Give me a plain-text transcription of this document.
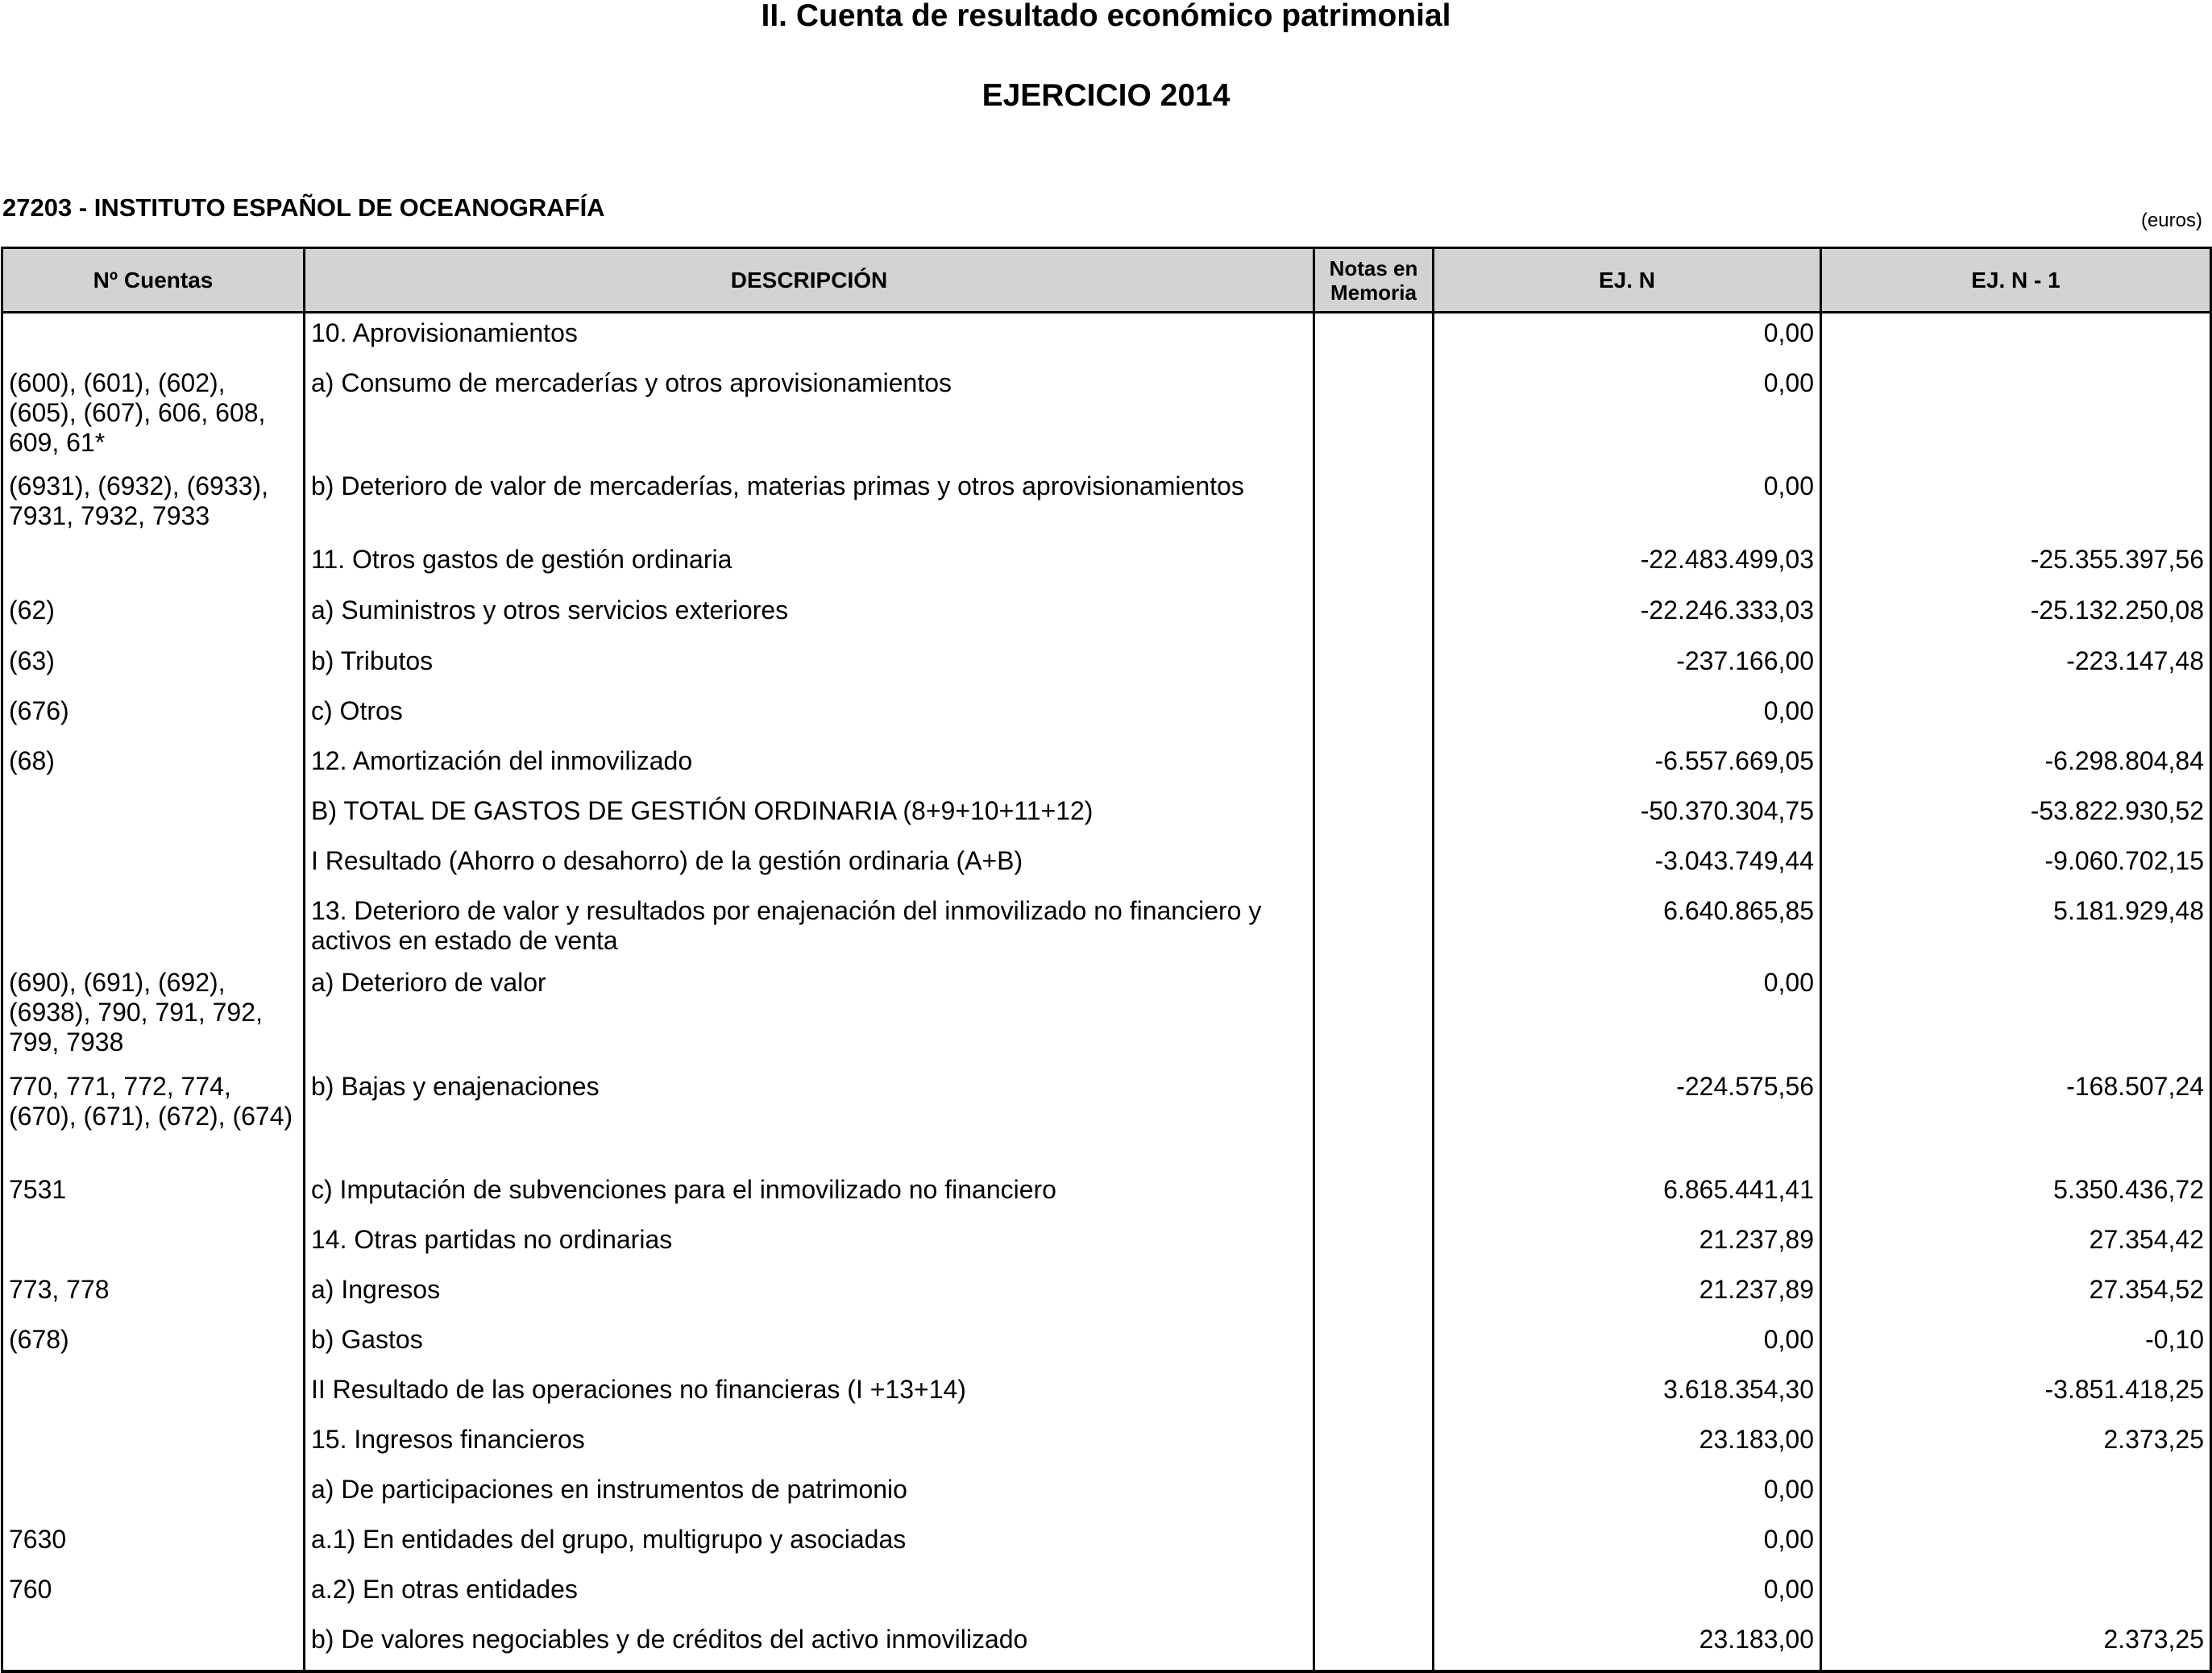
II. Cuenta de resultado económico patrimonial
EJERCICIO 2014
27203 - INSTITUTO ESPAÑOL DE OCEANOGRAFÍA	(euros)
Nº Cuentas	DESCRIPCIÓN	Notas en Memoria	EJ. N	EJ. N - 1
	10. Aprovisionamientos		0,00	
(600), (601), (602), (605), (607), 606, 608, 609, 61*	a) Consumo de mercaderías y otros aprovisionamientos		0,00	
(6931), (6932), (6933), 7931, 7932, 7933	b) Deterioro de valor de mercaderías, materias primas y otros aprovisionamientos		0,00	
	11. Otros gastos de gestión ordinaria		-22.483.499,03	-25.355.397,56
(62)	a) Suministros y otros servicios exteriores		-22.246.333,03	-25.132.250,08
(63)	b) Tributos		-237.166,00	-223.147,48
(676)	c) Otros		0,00	
(68)	12. Amortización del inmovilizado		-6.557.669,05	-6.298.804,84
	B) TOTAL DE GASTOS DE GESTIÓN ORDINARIA (8+9+10+11+12)		-50.370.304,75	-53.822.930,52
	I Resultado (Ahorro o desahorro) de la gestión ordinaria (A+B)		-3.043.749,44	-9.060.702,15
	13. Deterioro de valor y resultados por enajenación del inmovilizado no financiero y activos en estado de venta		6.640.865,85	5.181.929,48
(690), (691), (692), (6938), 790, 791, 792, 799, 7938	a) Deterioro de valor		0,00	
770, 771, 772, 774, (670), (671), (672), (674)	b) Bajas y enajenaciones		-224.575,56	-168.507,24
7531	c) Imputación de subvenciones para el inmovilizado no financiero		6.865.441,41	5.350.436,72
	14. Otras partidas no ordinarias		21.237,89	27.354,42
773, 778	a) Ingresos		21.237,89	27.354,52
(678)	b) Gastos		0,00	-0,10
	II Resultado de las operaciones no financieras (I +13+14)		3.618.354,30	-3.851.418,25
	15. Ingresos financieros		23.183,00	2.373,25
	a) De participaciones en instrumentos de patrimonio		0,00	
7630	a.1) En entidades del grupo, multigrupo y asociadas		0,00	
760	a.2) En otras entidades		0,00	
	b) De valores negociables y de créditos del activo inmovilizado		23.183,00	2.373,25
